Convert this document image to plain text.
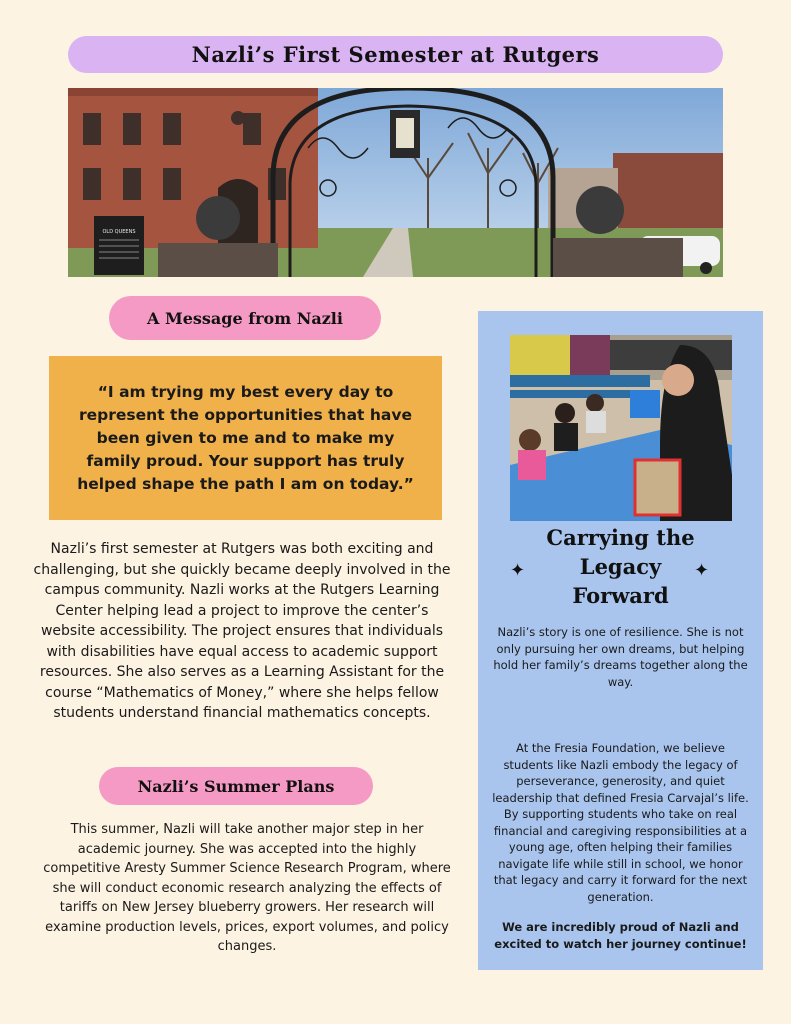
Nazli’s First Semester at Rutgers
OLD QUEENS
A Message from Nazli

“I am trying my best every day to represent the opportunities that have been given to me and to make my family proud. Your support has truly helped shape the path I am on today.”

Nazli’s first semester at Rutgers was both exciting and challenging, but she quickly became deeply involved in the campus community. Nazli works at the Rutgers Learning Center helping lead a project to improve the center’s website accessibility. The project ensures that individuals with disabilities have equal access to academic support resources. She also serves as a Learning Assistant for the course “Mathematics of Money,” where she helps fellow students understand financial mathematics concepts.

Nazli’s Summer Plans

This summer, Nazli will take another major step in her academic journey. She was accepted into the highly competitive Aresty Summer Science Research Program, where she will conduct economic research analyzing the effects of tariffs on New Jersey blueberry growers. Her research will examine production levels, prices, export volumes, and policy changes.

Carrying the
Legacy
Forward

✦	✦

Nazli’s story is one of resilience. She is not only pursuing her own dreams, but helping hold her family’s dreams together along the way.

At the Fresia Foundation, we believe students like Nazli embody the legacy of perseverance, generosity, and quiet leadership that defined Fresia Carvajal’s life. By supporting students who take on real financial and caregiving responsibilities at a young age, often helping their families navigate life while still in school, we honor that legacy and carry it forward for the next generation.

We are incredibly proud of Nazli and excited to watch her journey continue!
